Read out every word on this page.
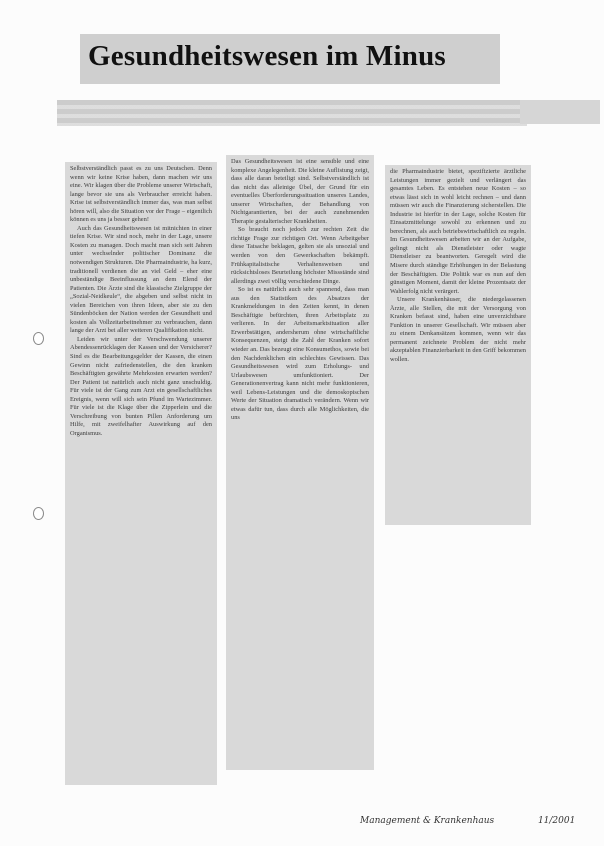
Gesundheitswesen im Minus

Selbstverständlich passt es zu uns Deutschen. Denn wenn wir keine Krise haben, dann machen wir uns eine. Wir klagen über die Probleme unserer Wirtschaft, lange bevor sie uns als Verbraucher erreicht haben. Krise ist selbstverständlich immer das, was man selbst hören will, also die Situation vor der Frage – eigentlich können es uns ja besser gehen!

Auch das Gesundheitswesen ist mitnichten in einer tiefen Krise. Wir sind noch, mehr in der Lage, unsere Kosten zu managen. Doch macht man sich seit Jahren unter wechselnder politischer Dominanz die notwendigen Strukturen. Die Pharmaindustrie, ha kurz, traditionell verdienen die an viel Geld – eher eine unbeständige Beeinflussung an dem Elend der Patienten. Die Ärzte sind die klassische Zielgruppe der „Sozial-Neidkeule“, die abgeben und selbst nicht in vielen Bereichen von ihren Ideen, aber sie zu den Sündenböcken der Nation werden der Gesundheit und kosten als Vollzeitarbeitnehmer zu verbrauchen, dann lange der Arzt bei aller weiteren Qualifikation nicht.

Leiden wir unter der Verschwendung unserer Abendessenrücklagen der Kassen und der Versicherer? Sind es die Bearbeitungsgelder der Kassen, die einen Gewinn nicht zufriedenstellen, die den kranken Beschäftigten gewährte Mehrkosten erwarten werden? Der Patient ist natürlich auch nicht ganz unschuldig. Für viele ist der Gang zum Arzt ein gesellschaftliches Ereignis, wenn will sich sein Pfund im Wartezimmer. Für viele ist die Klage über die Zipperlein und die Verschreibung von bunten Pillen Anforderung um Hilfe, mit zweifelhafter Auswirkung auf den Organismus.

Das Gesundheitswesen ist eine sensible und eine komplexe Angelegenheit. Die kleine Auflistung zeigt, dass alle daran beteiligt sind. Selbstverständlich ist das nicht das alleinige Übel, der Grund für ein eventuelles Überforderungssituation unseres Landes, unserer Wirtschaften, der Behandlung von Nichtgarantierten, bei der auch zunehmenden Therapie gestalterischer Krankheiten.

So braucht noch jedoch zur rechten Zeit die richtige Frage zur richtigen Ort. Wenn Arbeitgeber diese Tatsache beklagen, gelten sie als unsozial und werden von den Gewerkschaften bekämpft. Frühkapitalistische Verhaltensweisen und rücksichtsloses Beurteilung höchster Missstände sind allerdings zwei völlig verschiedene Dinge.

So ist es natürlich auch sehr spannend, dass man aus den Statistiken des Absatzes der Krankmeldungen in den Zeiten kennt, in denen Beschäftigte befürchten, ihren Arbeitsplatz zu verlieren. In der Arbeitsmarktsituation aller Erwerbstätigen, andersherum ohne wirtschaftliche Konsequenzen, steigt die Zahl der Kranken sofort wieder an. Das bezeugt eine Konsumethos, sowie bei den Nachdenklichen ein schlechtes Gewissen. Das Gesundheitswesen wird zum Erholungs- und Urlaubswesen umfunktioniert. Der Generationenvertrag kann nicht mehr funktionieren, weil Lebens-Leistungen und die demoskopischen Werte der Situation dramatisch verändern. Wenn wir etwas dafür tun, dass durch alle Möglichkeiten, die uns

die Pharmaindustrie bietet, spezifizierte ärztliche Leistungen immer gezielt und verlängert das gesamtes Leben. Es entstehen neue Kosten – so etwas lässt sich in wohl leicht rechnen – und dann müssen wir auch die Finanzierung sicherstellen. Die Industrie ist hierfür in der Lage, solche Kosten für Einsatzmittelunge sowohl zu erkennen und zu berechnen, als auch betriebswirtschaftlich zu regeln. Im Gesundheitswesen arbeiten wir an der Aufgabe, gelingt nicht als Dienstleister oder wagte Dienstleiser zu beantworten. Geregelt wird die Misere durch ständige Erhöhungen in der Belastung der Beschäftigten. Die Politik war es nun auf den günstigen Moment, damit der kleine Prozentsatz der Wahlerfolg nicht verärgert.

Unsere Krankenhäuser, die niedergelassenen Ärzte, alle Stellen, die mit der Versorgung von Kranken befasst sind, haben eine unverzichtbare Funktion in unserer Gesellschaft. Wir müssen aber zu einem Denkansätzen kommen, wenn wir das permanent zeichnete Problem der nicht mehr akzeptablen Finanzierbarkeit in den Griff bekommen wollen.

Management & Krankenhaus	11/2001
